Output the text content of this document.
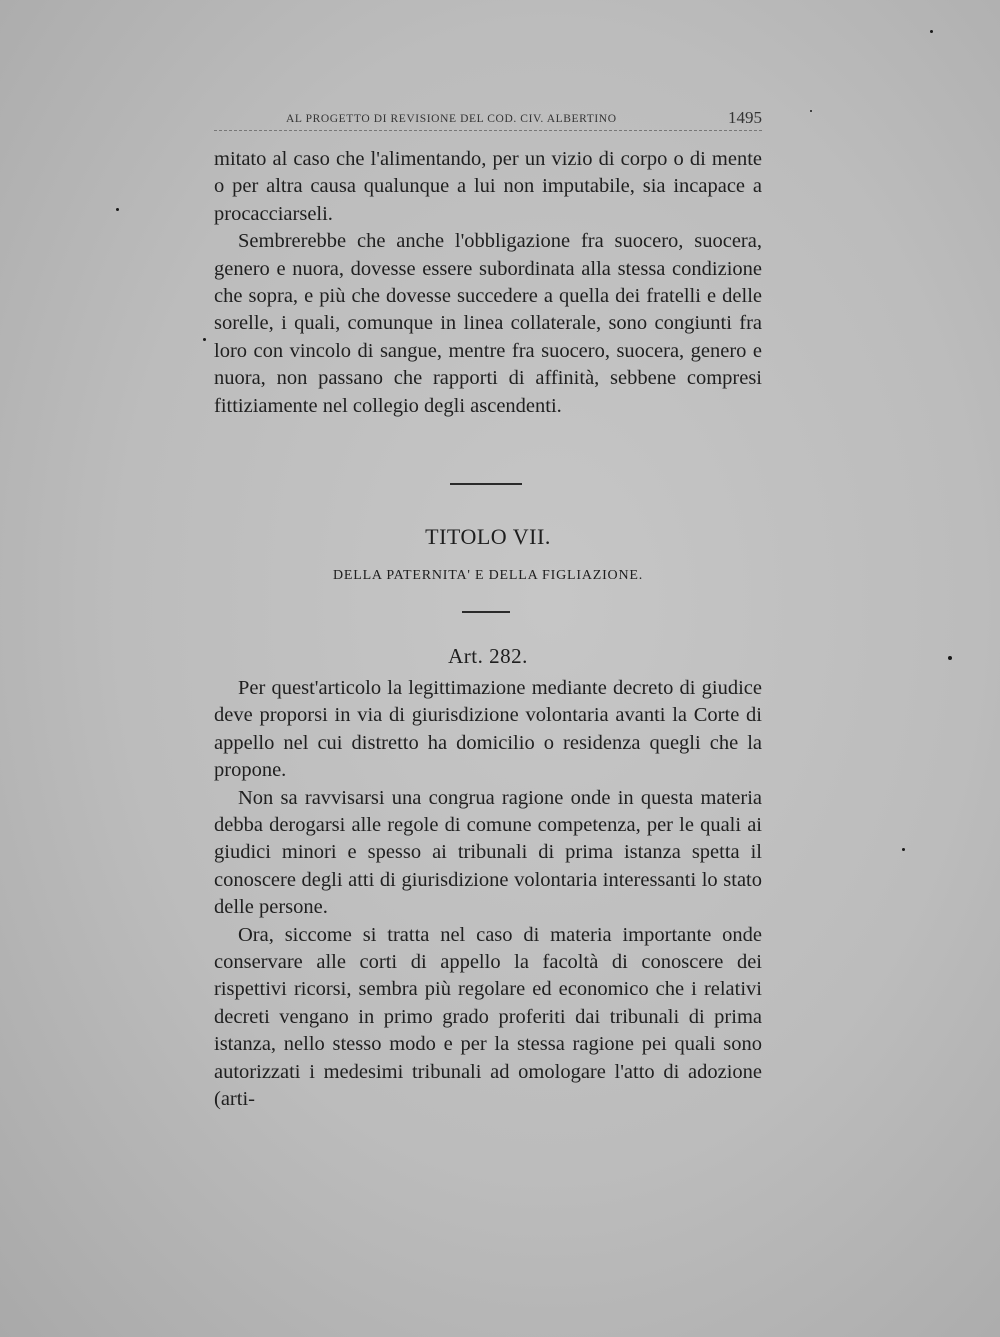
AL PROGETTO DI REVISIONE DEL COD. CIV. ALBERTINO	1495

mitato al caso che l'alimentando, per un vizio di corpo o di mente o per altra causa qualunque a lui non imputabile, sia incapace a procacciarseli.

Sembrerebbe che anche l'obbligazione fra suocero, suocera, genero e nuora, dovesse essere subordinata alla stessa condizione che sopra, e più che dovesse succedere a quella dei fratelli e delle sorelle, i quali, comunque in linea collaterale, sono congiunti fra loro con vincolo di sangue, mentre fra suocero, suocera, genero e nuora, non passano che rapporti di affinità, sebbene compresi fittiziamente nel collegio degli ascendenti.

TITOLO VII.
DELLA PATERNITA' E DELLA FIGLIAZIONE.
Art. 282.

Per quest'articolo la legittimazione mediante decreto di giudice deve proporsi in via di giurisdizione volontaria avanti la Corte di appello nel cui distretto ha domicilio o residenza quegli che la propone.

Non sa ravvisarsi una congrua ragione onde in questa materia debba derogarsi alle regole di comune competenza, per le quali ai giudici minori e spesso ai tribunali di prima istanza spetta il conoscere degli atti di giurisdizione volontaria interessanti lo stato delle persone.

Ora, siccome si tratta nel caso di materia importante onde conservare alle corti di appello la facoltà di conoscere dei rispettivi ricorsi, sembra più regolare ed economico che i relativi decreti vengano in primo grado proferiti dai tribunali di prima istanza, nello stesso modo e per la stessa ragione pei quali sono autorizzati i medesimi tribunali ad omologare l'atto di adozione (arti-
